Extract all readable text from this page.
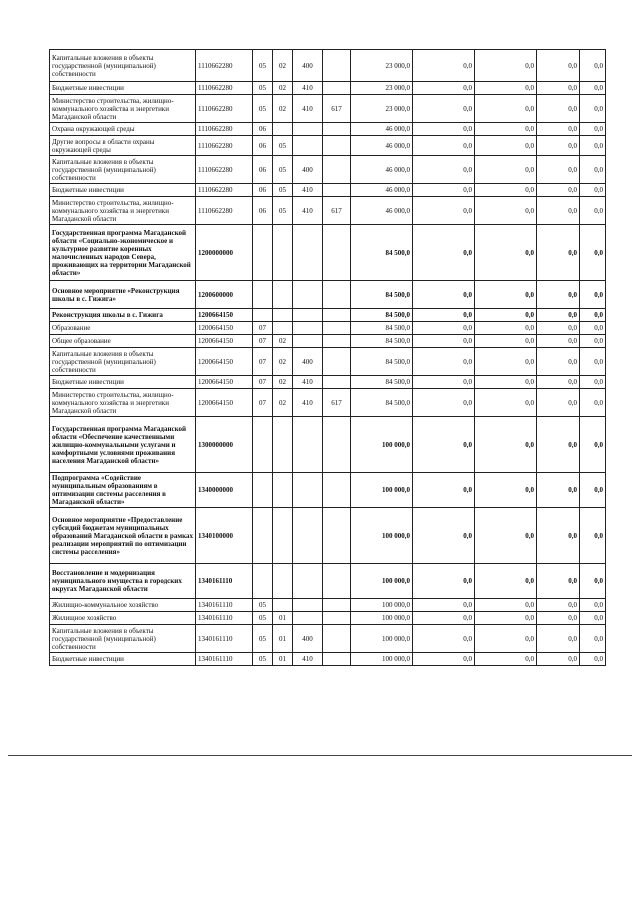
Капитальные вложения в объекты государственной (муниципальной) собственности	1110662280	05	02	400		23 000,0	0,0	0,0	0,0	0,0
Бюджетные инвестиции	1110662280	05	02	410		23 000,0	0,0	0,0	0,0	0,0
Министерство строительства, жилищно-коммунального хозяйства и энергетики Магаданской области	1110662280	05	02	410	617	23 000,0	0,0	0,0	0,0	0,0
Охрана окружающей среды	1110662280	06				46 000,0	0,0	0,0	0,0	0,0
Другие вопросы в области охраны окружающей среды	1110662280	06	05			46 000,0	0,0	0,0	0,0	0,0
Капитальные вложения в объекты государственной (муниципальной) собственности	1110662280	06	05	400		46 000,0	0,0	0,0	0,0	0,0
Бюджетные инвестиции	1110662280	06	05	410		46 000,0	0,0	0,0	0,0	0,0
Министерство строительства, жилищно-коммунального хозяйства и энергетики Магаданской области	1110662280	06	05	410	617	46 000,0	0,0	0,0	0,0	0,0
Государственная программа Магаданской области «Социально-экономическое и культурное развитие коренных малочисленных народов Севера, проживающих на территории Магаданской области»	1200000000					84 500,0	0,0	0,0	0,0	0,0
Основное мероприятие «Реконструкция школы в с. Гижига»	1200600000					84 500,0	0,0	0,0	0,0	0,0
Реконструкция школы в с. Гижига	1200664150					84 500,0	0,0	0,0	0,0	0,0
Образование	1200664150	07				84 500,0	0,0	0,0	0,0	0,0
Общее образование	1200664150	07	02			84 500,0	0,0	0,0	0,0	0,0
Капитальные вложения в объекты государственной (муниципальной) собственности	1200664150	07	02	400		84 500,0	0,0	0,0	0,0	0,0
Бюджетные инвестиции	1200664150	07	02	410		84 500,0	0,0	0,0	0,0	0,0
Министерство строительства, жилищно-коммунального хозяйства и энергетики Магаданской области	1200664150	07	02	410	617	84 500,0	0,0	0,0	0,0	0,0
Государственная программа Магаданской области «Обеспечение качественными жилищно-коммунальными услугами и комфортными условиями проживания населения Магаданской области»	1300000000					100 000,0	0,0	0,0	0,0	0,0
Подпрограмма «Содействие муниципальным образованиям в оптимизации системы расселения в Магаданской области»	1340000000					100 000,0	0,0	0,0	0,0	0,0
Основное мероприятие «Предоставление субсидий бюджетам муниципальных образований Магаданской области в рамках реализации мероприятий по оптимизации системы расселения»	1340100000					100 000,0	0,0	0,0	0,0	0,0
Восстановление и модернизация муниципального имущества в городских округах Магаданской области	1340161110					100 000,0	0,0	0,0	0,0	0,0
Жилищно-коммунальное хозяйство	1340161110	05				100 000,0	0,0	0,0	0,0	0,0
Жилищное хозяйство	1340161110	05	01			100 000,0	0,0	0,0	0,0	0,0
Капитальные вложения в объекты государственной (муниципальной) собственности	1340161110	05	01	400		100 000,0	0,0	0,0	0,0	0,0
Бюджетные инвестиции	1340161110	05	01	410		100 000,0	0,0	0,0	0,0	0,0
